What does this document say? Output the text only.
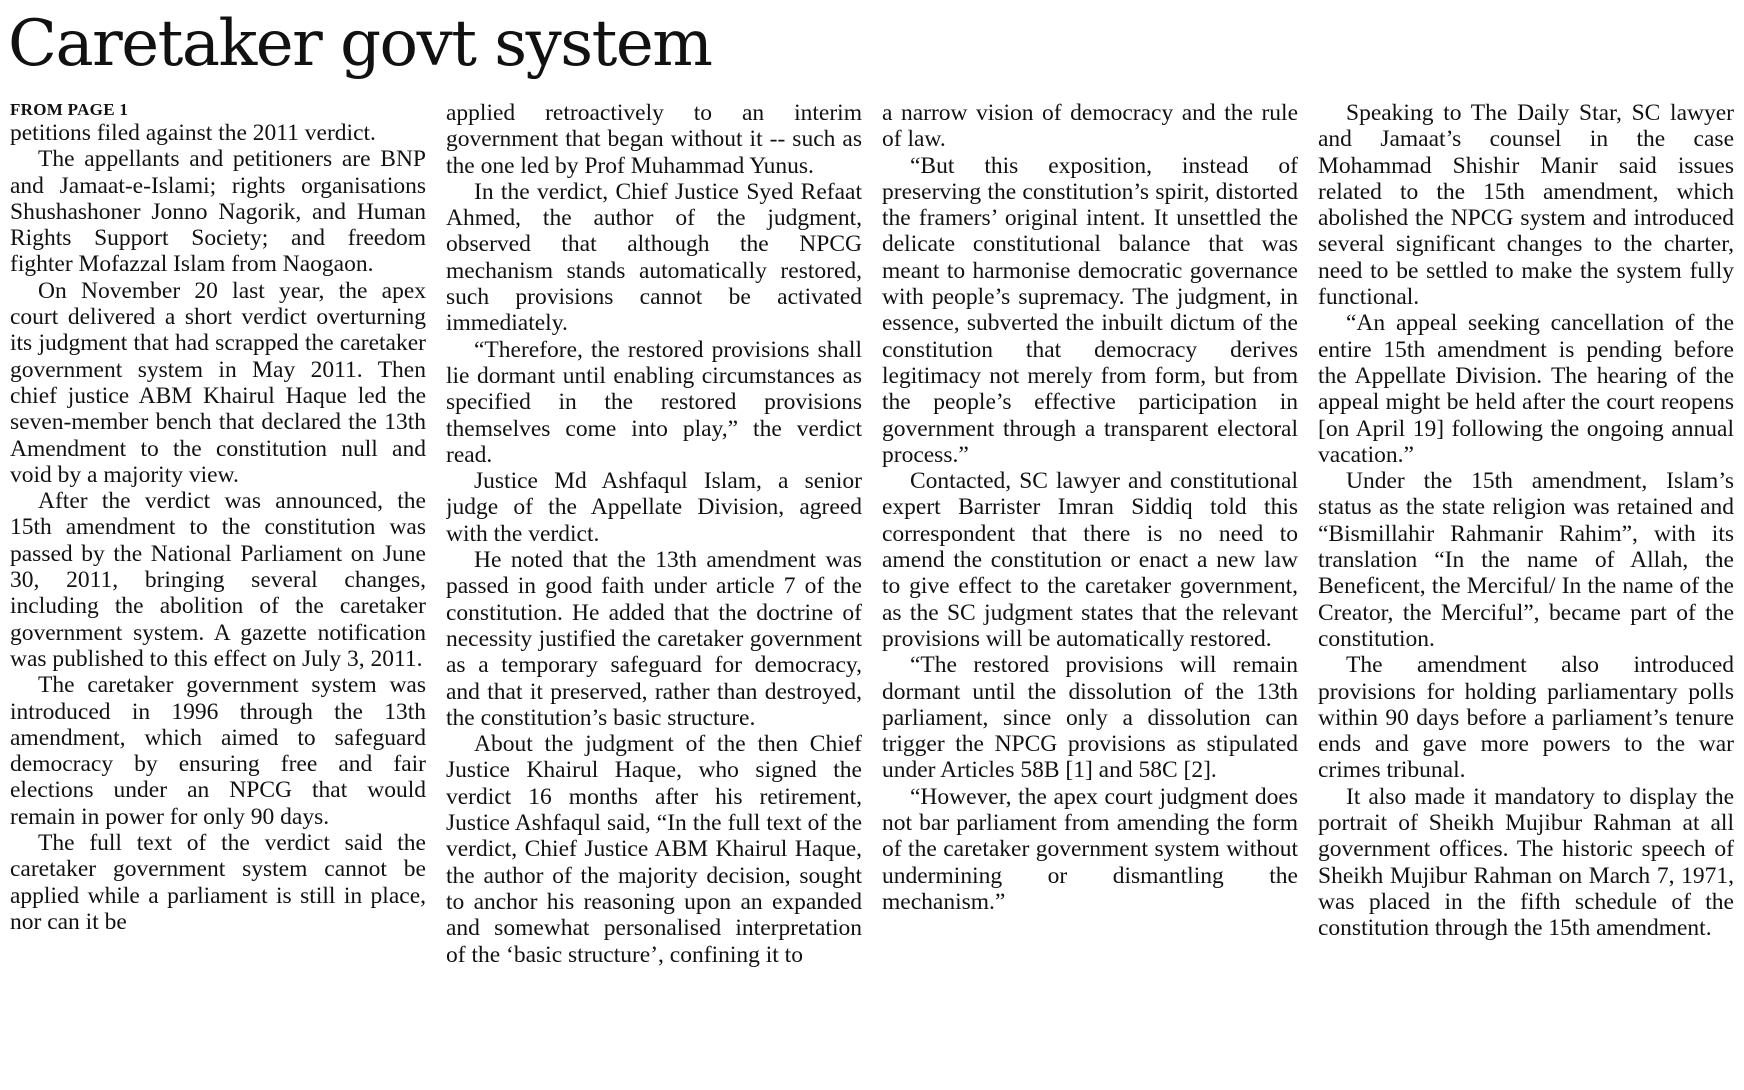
Caretaker govt system
FROM PAGE 1

petitions filed against the 2011 verdict.

The appellants and petitioners are BNP and Jamaat-e-Islami; rights organisations Shushashoner Jonno Nagorik, and Human Rights Support Society; and freedom fighter Mofazzal Islam from Naogaon.

On November 20 last year, the apex court delivered a short verdict overturning its judgment that had scrapped the caretaker government system in May 2011. Then chief justice ABM Khairul Haque led the seven-member bench that declared the 13th Amendment to the constitution null and void by a majority view.

After the verdict was announced, the 15th amendment to the constitution was passed by the National Parliament on June 30, 2011, bringing several changes, including the abolition of the caretaker government system. A gazette notification was published to this effect on July 3, 2011.

The caretaker government system was introduced in 1996 through the 13th amendment, which aimed to safeguard democracy by ensuring free and fair elections under an NPCG that would remain in power for only 90 days.

The full text of the verdict said the caretaker government system cannot be applied while a parliament is still in place, nor can it be

applied retroactively to an interim government that began without it -- such as the one led by Prof Muhammad Yunus.

In the verdict, Chief Justice Syed Refaat Ahmed, the author of the judgment, observed that although the NPCG mechanism stands automatically restored, such provisions cannot be activated immediately.

“Therefore, the restored provisions shall lie dormant until enabling circumstances as specified in the restored provisions themselves come into play,” the verdict read.

Justice Md Ashfaqul Islam, a senior judge of the Appellate Division, agreed with the verdict.

He noted that the 13th amendment was passed in good faith under article 7 of the constitution. He added that the doctrine of necessity justified the caretaker government as a temporary safeguard for democracy, and that it preserved, rather than destroyed, the constitution’s basic structure.

About the judgment of the then Chief Justice Khairul Haque, who signed the verdict 16 months after his retirement, Justice Ashfaqul said, “In the full text of the verdict, Chief Justice ABM Khairul Haque, the author of the majority decision, sought to anchor his reasoning upon an expanded and somewhat personalised interpretation of the ‘basic structure’, confining it to

a narrow vision of democracy and the rule of law.

“But this exposition, instead of preserving the constitution’s spirit, distorted the framers’ original intent. It unsettled the delicate constitutional balance that was meant to harmonise democratic governance with people’s supremacy. The judgment, in essence, subverted the inbuilt dictum of the constitution that democracy derives legitimacy not merely from form, but from the people’s effective participation in government through a transparent electoral process.”

Contacted, SC lawyer and constitutional expert Barrister Imran Siddiq told this correspondent that there is no need to amend the constitution or enact a new law to give effect to the caretaker government, as the SC judgment states that the relevant provisions will be automatically restored.

“The restored provisions will remain dormant until the dissolution of the 13th parliament, since only a dissolution can trigger the NPCG provisions as stipulated under Articles 58B [1] and 58C [2].

“However, the apex court judgment does not bar parliament from amending the form of the caretaker government system without undermining or dismantling the mechanism.”

Speaking to The Daily Star, SC lawyer and Jamaat’s counsel in the case Mohammad Shishir Manir said issues related to the 15th amendment, which abolished the NPCG system and introduced several significant changes to the charter, need to be settled to make the system fully functional.

“An appeal seeking cancellation of the entire 15th amendment is pending before the Appellate Division. The hearing of the appeal might be held after the court reopens [on April 19] following the ongoing annual vacation.”

Under the 15th amendment, Islam’s status as the state religion was retained and “Bismillahir Rahmanir Rahim”, with its translation “In the name of Allah, the Beneficent, the Merciful/ In the name of the Creator, the Merciful”, became part of the constitution.

The amendment also introduced provisions for holding parliamentary polls within 90 days before a parliament’s tenure ends and gave more powers to the war crimes tribunal.

It also made it mandatory to display the portrait of Sheikh Mujibur Rahman at all government offices. The historic speech of Sheikh Mujibur Rahman on March 7, 1971, was placed in the fifth schedule of the constitution through the 15th amendment.
